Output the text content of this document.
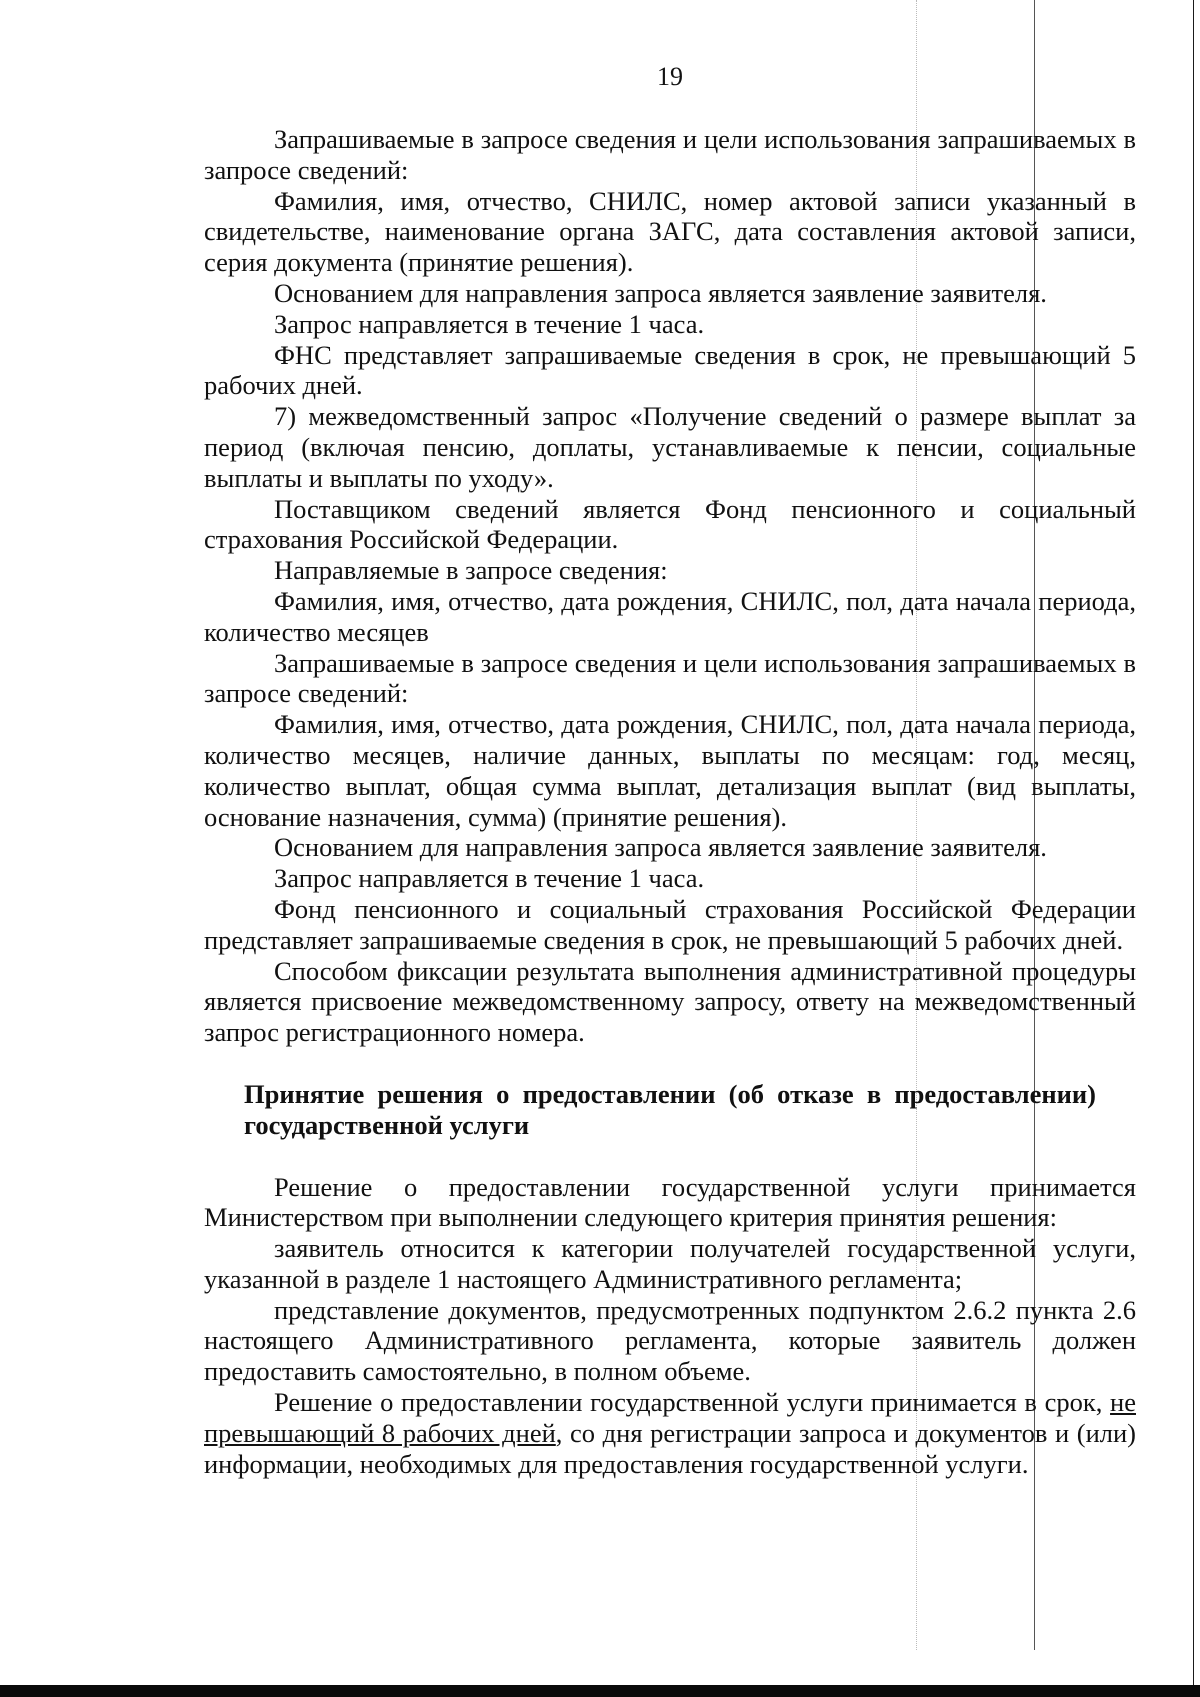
19

Запрашиваемые в запросе сведения и цели использования запрашиваемых в запросе сведений:

Фамилия, имя, отчество, СНИЛС, номер актовой записи указанный в свидетельстве, наименование органа ЗАГС, дата составления актовой записи, серия документа (принятие решения).

Основанием для направления запроса является заявление заявителя.

Запрос направляется в течение 1 часа.

ФНС представляет запрашиваемые сведения в срок, не превышающий 5 рабочих дней.

7) межведомственный запрос «Получение сведений о размере выплат за период (включая пенсию, доплаты, устанавливаемые к пенсии, социальные выплаты и выплаты по уходу».

Поставщиком сведений является Фонд пенсионного и социальный страхования Российской Федерации.

Направляемые в запросе сведения:

Фамилия, имя, отчество, дата рождения, СНИЛС, пол, дата начала периода, количество месяцев

Запрашиваемые в запросе сведения и цели использования запрашиваемых в запросе сведений:

Фамилия, имя, отчество, дата рождения, СНИЛС, пол, дата начала периода, количество месяцев, наличие данных, выплаты по месяцам: год, месяц, количество выплат, общая сумма выплат, детализация выплат (вид выплаты, основание назначения, сумма) (принятие решения).

Основанием для направления запроса является заявление заявителя.

Запрос направляется в течение 1 часа.

Фонд пенсионного и социальный страхования Российской Федерации представляет запрашиваемые сведения в срок, не превышающий 5 рабочих дней.

Способом фиксации результата выполнения административной процедуры является присвоение межведомственному запросу, ответу на межведомственный запрос регистрационного номера.

Принятие решения о предоставлении (об отказе в предоставлении) государственной услуги

Решение о предоставлении государственной услуги принимается Министерством при выполнении следующего критерия принятия решения:

заявитель относится к категории получателей государственной услуги, указанной в разделе 1 настоящего Административного регламента;

представление документов, предусмотренных подпунктом 2.6.2 пункта 2.6 настоящего Административного регламента, которые заявитель должен предоставить самостоятельно, в полном объеме.

Решение о предоставлении государственной услуги принимается в срок, не превышающий 8 рабочих дней, со дня регистрации запроса и документов и (или) информации, необходимых для предоставления государственной услуги.
